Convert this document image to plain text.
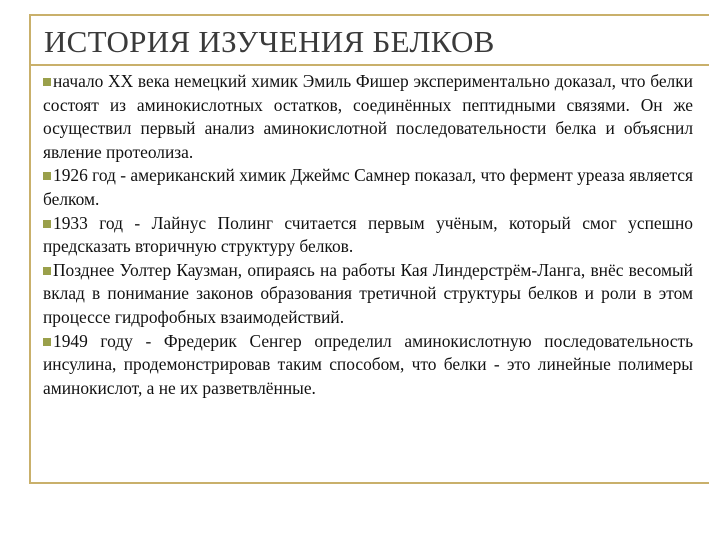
ИСТОРИЯ ИЗУЧЕНИЯ БЕЛКОВ

начало XX века немецкий химик Эмиль Фишер экспериментально доказал, что белки состоят из аминокислотных остатков, соединённых пептидными связями. Он же осуществил первый анализ аминокислотной последовательности белка и объяснил явление протеолиза.

1926 год - американский химик Джеймс Самнер показал, что фермент уреаза является белком.

1933 год - Лайнус Полинг считается первым учёным, который смог успешно предсказать вторичную структуру белков.

Позднее Уолтер Каузман, опираясь на работы Кая Линдерстрём-Ланга, внёс весомый вклад в понимание законов образования третичной структуры белков и роли в этом процессе гидрофобных взаимодействий.

1949 году - Фредерик Сенгер определил аминокислотную последовательность инсулина, продемонстрировав таким способом, что белки - это линейные полимеры аминокислот, а не их разветвлённые.
